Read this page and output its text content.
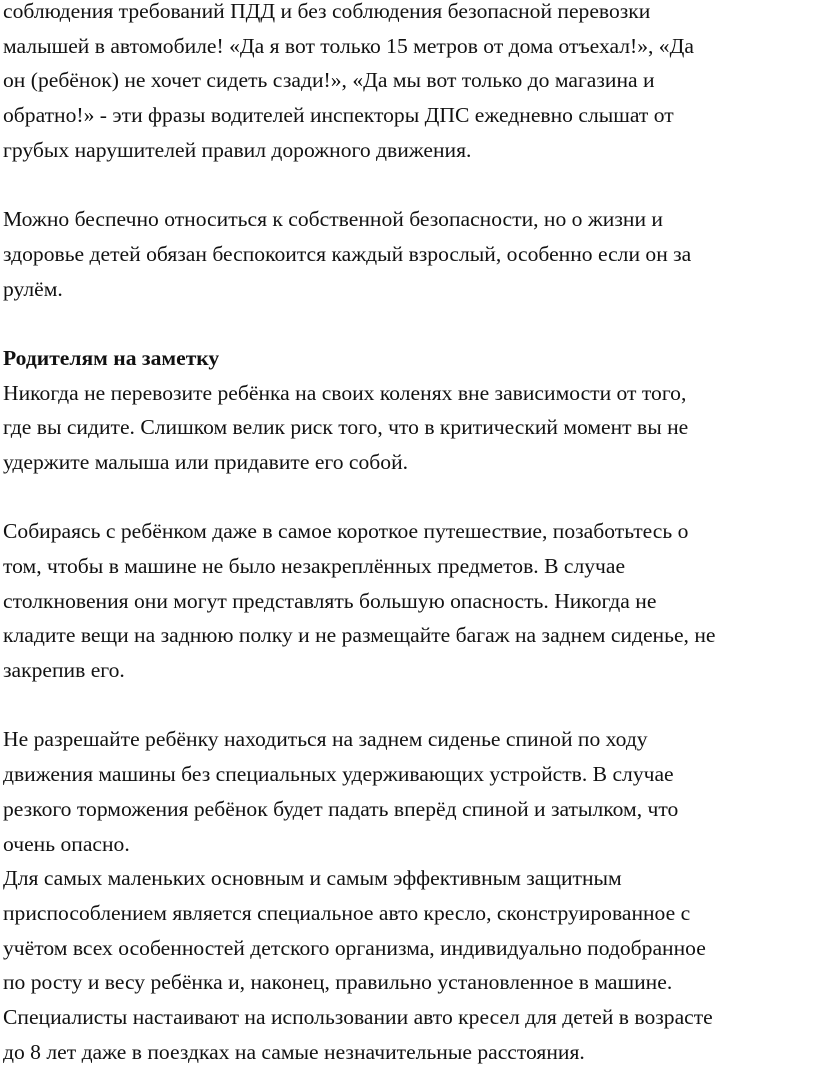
соблюдения требований ПДД и без соблюдения безопасной перевозки
малышей в автомобиле! «Да я вот только 15 метров от дома отъехал!», «Да
он (ребёнок) не хочет сидеть сзади!», «Да мы вот только до магазина и
обратно!» - эти фразы водителей инспекторы ДПС ежедневно слышат от
грубых нарушителей правил дорожного движения.
Можно беспечно относиться к собственной безопасности, но о жизни и
здоровье детей обязан беспокоится каждый взрослый, особенно если он за
рулём.
Родителям на заметку
Никогда не перевозите ребёнка на своих коленях вне зависимости от того,
где вы сидите. Слишком велик риск того, что в критический момент вы не
удержите малыша или придавите его собой.
Собираясь с ребёнком даже в самое короткое путешествие, позаботьтесь о
том, чтобы в машине не было незакреплённых предметов. В случае
столкновения они могут представлять большую опасность. Никогда не
кладите вещи на заднюю полку и не размещайте багаж на заднем сиденье, не
закрепив его.
Не разрешайте ребёнку находиться на заднем сиденье спиной по ходу
движения машины без специальных удерживающих устройств. В случае
резкого торможения ребёнок будет падать вперёд спиной и затылком, что
очень опасно.
Для самых маленьких основным и самым эффективным защитным
приспособлением является специальное авто кресло, сконструированное с
учётом всех особенностей детского организма, индивидуально подобранное
по росту и весу ребёнка и, наконец, правильно установленное в машине.
Специалисты настаивают на использовании авто кресел для детей в возрасте
до 8 лет даже в поездках на самые незначительные расстояния.
